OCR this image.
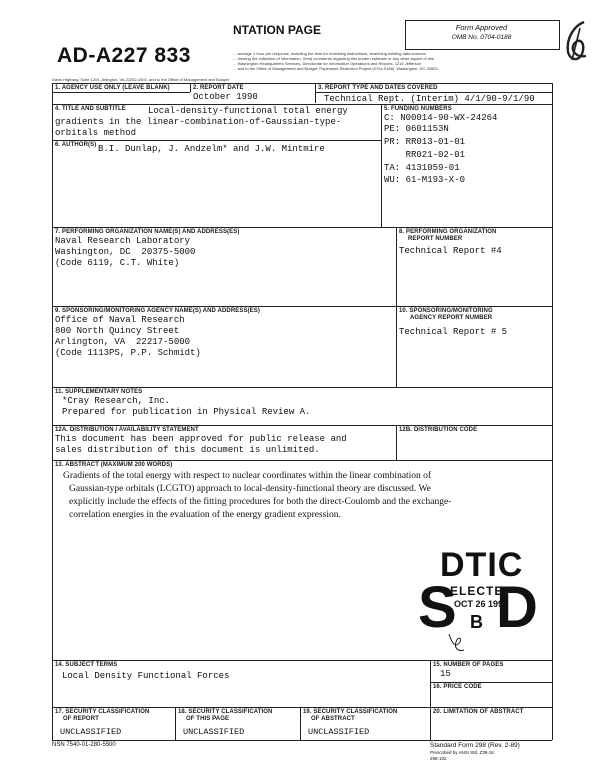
AD-A227 833
NTATION PAGE	Form Approved
OMB No. 0704-0188
... average 1 hour per response, including the time for reviewing instructions, searching existing data sources,
... viewing the collection of information. Send comments regarding this burden estimate or any other aspect of this
... Washington Headquarters Services, Directorate for Information Operations and Reports, 1215 Jefferson
... and to the Office of Management and Budget, Paperwork Reduction Project (0704-0188), Washington, DC 20503.
Davis Highway, Suite 1204, Arlington, VA 22202-4302, and to the Office of Management and Budget
1. AGENCY USE ONLY (LEAVE BLANK)	2. REPORT DATE
October 1990
3. REPORT TYPE AND DATES COVERED
Technical Rept. (Interim) 4/1/90-9/1/90
4. TITLE AND SUBTITLE Local-density-functional total energy
gradients in the linear-combination-of-Gaussian-type-
orbitals method
5. FUNDING NUMBERS
C: N00014-90-WX-24264
PE: 0601153N
PR: RR013-01-01
RR021-02-01
TA: 4131059-01
WU: 61-M193-X-0
6. AUTHOR(S) B.I. Dunlap, J. Andzelm* and J.W. Mintmire
7. PERFORMING ORGANIZATION NAME(S) AND ADDRESS(ES)
Naval Research Laboratory
Washington, DC  20375-5000
(Code 6119, C.T. White)
8. PERFORMING ORGANIZATION
REPORT NUMBER
Technical Report #4
9. SPONSORING/MONITORING AGENCY NAME(S) AND ADDRESS(ES)
Office of Naval Research
800 North Quincy Street
Arlington, VA  22217-5000
(Code 1113PS, P.P. Schmidt)
10. SPONSORING/MONITORING
AGENCY REPORT NUMBER
Technical Report # 5
11. SUPPLEMENTARY NOTES
*Cray Research, Inc.
Prepared for publication in Physical Review A.
12A. DISTRIBUTION / AVAILABILITY STATEMENT
This document has been approved for public release and
sales distribution of this document is unlimited.
12B. DISTRIBUTION CODE
13. ABSTRACT (MAXIMUM 200 WORDS)
Gradients of the total energy with respect to nuclear coordinates within the linear combination of
Gaussian-type orbitals (LCGTO) approach to local-density-functional theory are discussed. We
explicitly include the effects of the fitting procedures for both the direct-Coulomb and the exchange-
correlation energies in the evaluation of the energy gradient expression.
DTIC
S D
ELECTE
OCT 26 1990
B
14. SUBJECT TERMS
Local Density Functional Forces
15. NUMBER OF PAGES
15
16. PRICE CODE
17. SECURITY CLASSIFICATION
OF REPORT
UNCLASSIFIED
18. SECURITY CLASSIFICATION
OF THIS PAGE
UNCLASSIFIED
19. SECURITY CLASSIFICATION
OF ABSTRACT
UNCLASSIFIED
20. LIMITATION OF ABSTRACT
NSN 7540-01-280-5500	Standard Form 298 (Rev. 2-89)
Prescribed by ANSI Std. Z39-18
298-102
